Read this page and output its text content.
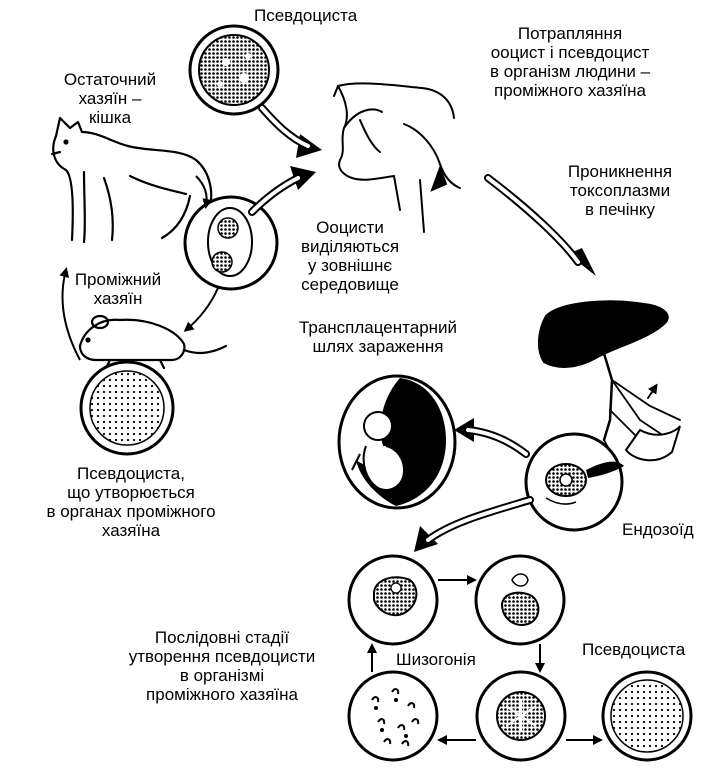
Псевдоциста
Остаточний
хазяїн –
кішка
Потрапляння
ооцист і псевдоцист
в організм людини –
проміжного хазяїна
Проникнення
токсоплазми
в печінку
Ооцисти
виділяються
у зовнішнє
середовище
Проміжний
хазяїн
Трансплацентарний
шлях зараження
Псевдоциста,
що утворюється
в органах проміжного
хазяїна	Ендозоїд
Послідовні стадії
утворення псевдоцисти
в організмі
проміжного хазяїна
Шизогонія
Псевдоциста
